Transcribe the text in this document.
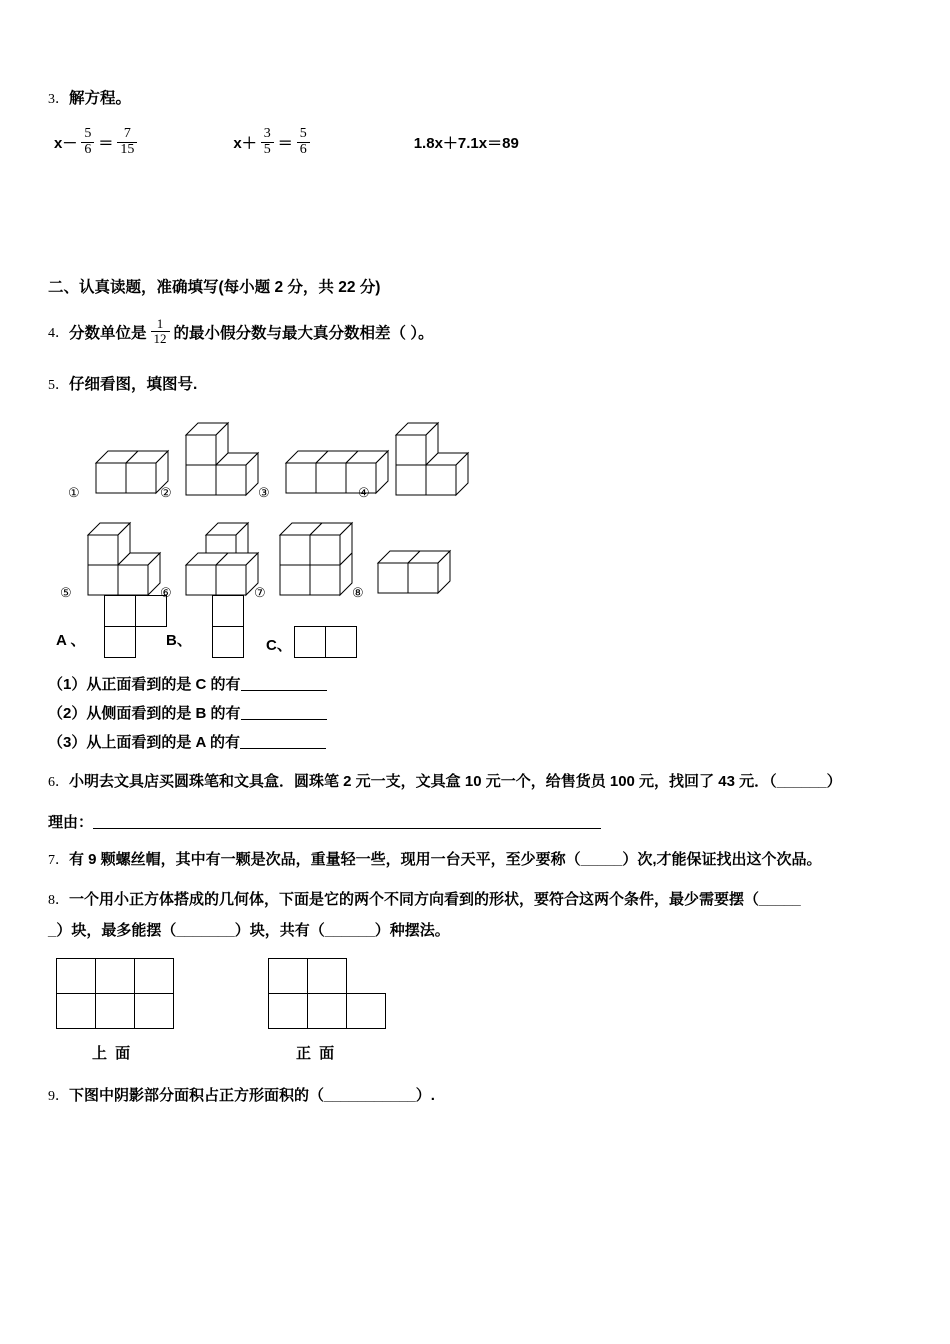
3．解方程。
$x- \frac{5}{6} = \frac{7}{15}$	$x+ \frac{3}{5} = \frac{5}{6}$	1.8x＋7.1x＝89
二、认真读题，准确填写(每小题 2 分，共 22 分)
4． 分数单位是 $\frac{1}{12}$ 的最小假分数与最大真分数相差（ ）。
5．仔细看图，填图号.
①	②	③	④
⑤	⑥	⑦	⑧
A 、	B、	C、
（1）从正面看到的是 C 的有
（2）从侧面看到的是 B 的有
（3）从上面看到的是 A 的有
6．小明去文具店买圆珠笔和文具盒．圆珠笔 2 元一支，文具盒 10 元一个，给售货员 100 元，找回了 43 元．（______）
理由：
7．有 9 颗螺丝帽，其中有一颗是次品，重量轻一些，现用一台天平，至少要称（_____）次,才能保证找出这个次品。
8．一个用小正方体搭成的几何体，下面是它的两个不同方向看到的形状，要符合这两个条件，最少需要摆（_____
_）块，最多能摆（_______）块，共有（______）种摆法。
上 面	正 面
9．下图中阴影部分面积占正方形面积的（___________）.
